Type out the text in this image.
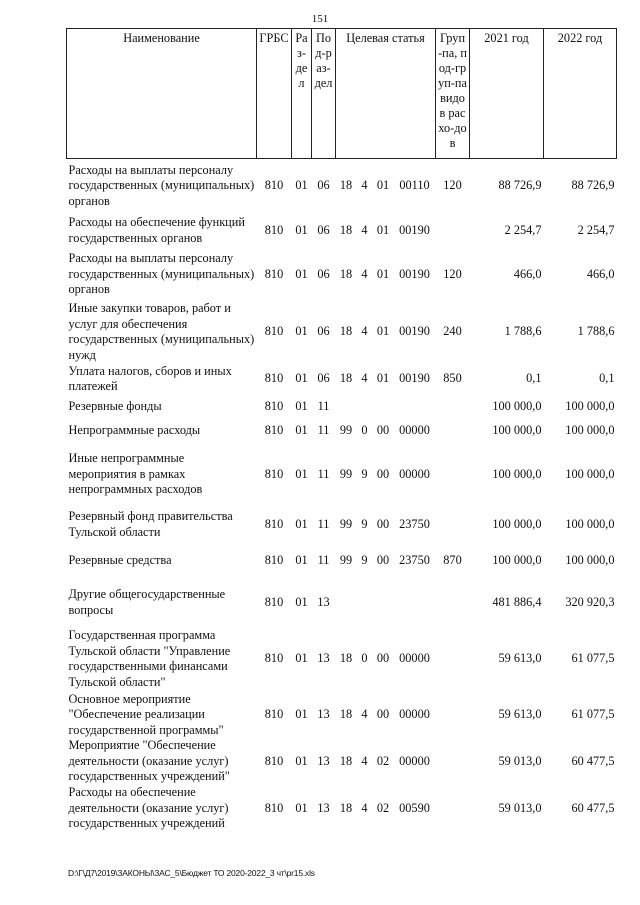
151
Наименование	ГРБС	Раз-дел	Под-раз-дел	Целевая статья				Груп-па, под-груп-па видов расхо-дов	2021 год	2022 год
Расходы на выплаты персоналу государственных (муниципальных) органов	810	01	06	18	4	01	00110	120	88 726,9	88 726,9
Расходы на обеспечение функций государственных органов	810	01	06	18	4	01	00190		2 254,7	2 254,7
Расходы на выплаты персоналу государственных (муниципальных) органов	810	01	06	18	4	01	00190	120	466,0	466,0
Иные закупки товаров, работ и услуг для обеспечения государственных (муниципальных) нужд	810	01	06	18	4	01	00190	240	1 788,6	1 788,6
Уплата налогов, сборов и иных платежей	810	01	06	18	4	01	00190	850	0,1	0,1
Резервные фонды	810	01	11						100 000,0	100 000,0
Непрограммные расходы	810	01	11	99	0	00	00000		100 000,0	100 000,0
Иные непрограммные мероприятия в рамках непрограммных расходов	810	01	11	99	9	00	00000		100 000,0	100 000,0
Резервный фонд правительства Тульской области	810	01	11	99	9	00	23750		100 000,0	100 000,0
Резервные средства	810	01	11	99	9	00	23750	870	100 000,0	100 000,0
Другие общегосударственные вопросы	810	01	13						481 886,4	320 920,3
Государственная программа Тульской области "Управление государственными финансами Тульской области"	810	01	13	18	0	00	00000		59 613,0	61 077,5
Основное мероприятие "Обеспечение реализации государственной программы"	810	01	13	18	4	00	00000		59 613,0	61 077,5
Мероприятие "Обеспечение деятельности (оказание услуг) государственных учреждений"	810	01	13	18	4	02	00000		59 013,0	60 477,5
Расходы на обеспечение деятельности (оказание услуг) государственных учреждений	810	01	13	18	4	02	00590		59 013,0	60 477,5
D:\Г\Д7\2019\ЗАКОНЫ\ЗАС_5\Бюджет ТО 2020-2022_3 чт\pr15.xls
